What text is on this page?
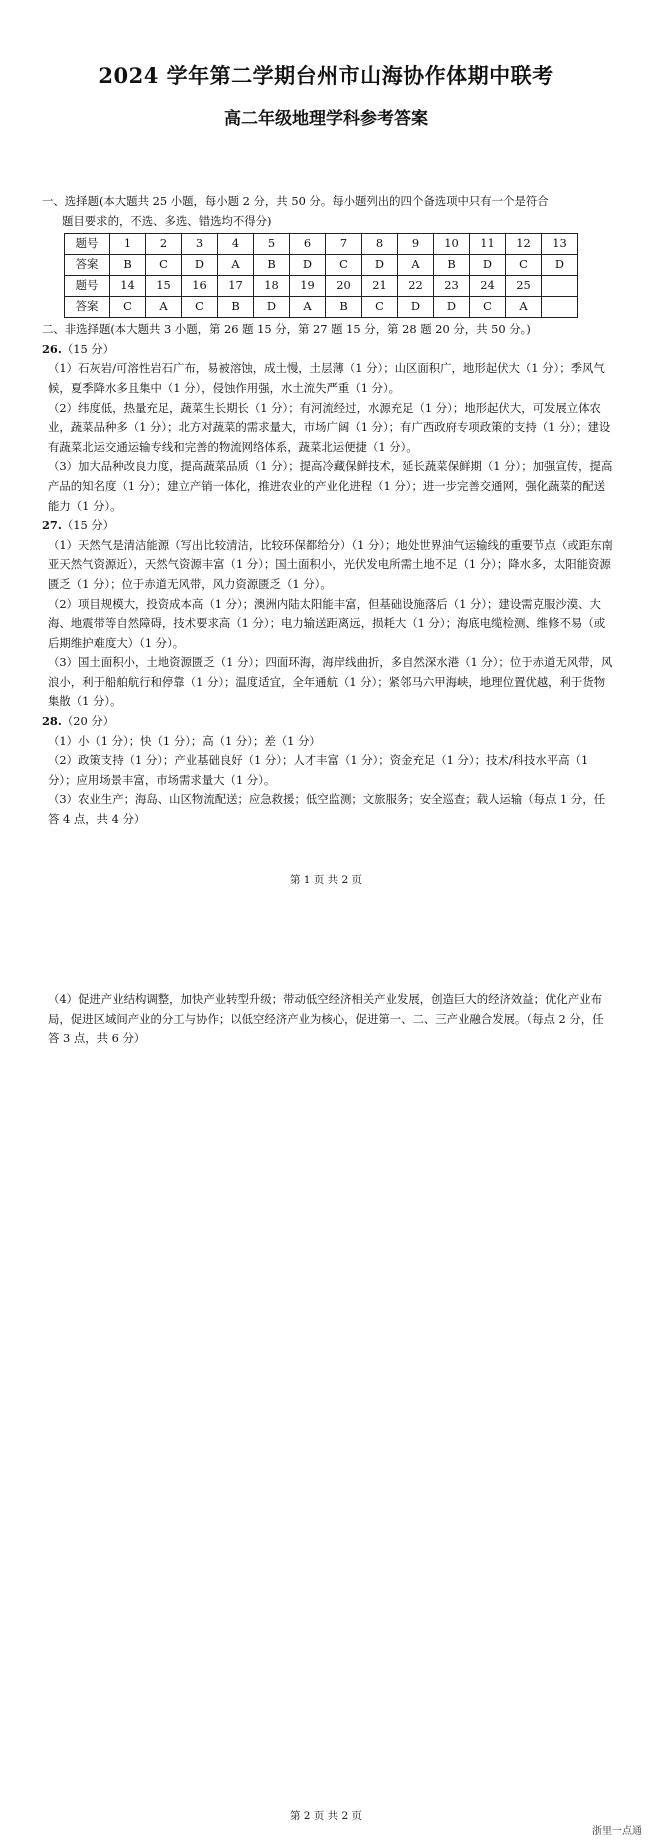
2024 学年第二学期台州市山海协作体期中联考
高二年级地理学科参考答案
一、选择题(本大题共 25 小题，每小题 2 分，共 50 分。每小题列出的四个备选项中只有一个是符合
题目要求的，不选、多选、错选均不得分)
题号	1	2	3	4	5	6	7	8	9	10	11	12	13
答案	B	C	D	A	B	D	C	D	A	B	D	C	D
题号	14	15	16	17	18	19	20	21	22	23	24	25	
答案	C	A	C	B	D	A	B	C	D	D	C	A	
二、非选择题(本大题共 3 小题，第 26 题 15 分，第 27 题 15 分，第 28 题 20 分，共 50 分。)
26.（15 分）
（1）石灰岩/可溶性岩石广布，易被溶蚀，成土慢，土层薄（1 分）；山区面积广，地形起伏大（1 分）；季风气候，夏季降水多且集中（1 分），侵蚀作用强，水土流失严重（1 分）。
（2）纬度低，热量充足，蔬菜生长期长（1 分）；有河流经过，水源充足（1 分）；地形起伏大，可发展立体农业，蔬菜品种多（1 分）；北方对蔬菜的需求量大，市场广阔（1 分）；有广西政府专项政策的支持（1 分）；建设有蔬菜北运交通运输专线和完善的物流网络体系，蔬菜北运便捷（1 分）。
（3）加大品种改良力度，提高蔬菜品质（1 分）；提高冷藏保鲜技术，延长蔬菜保鲜期（1 分）；加强宣传，提高产品的知名度（1 分）；建立产销一体化，推进农业的产业化进程（1 分）；进一步完善交通网，强化蔬菜的配送能力（1 分）。
27.（15 分）
（1）天然气是清洁能源（写出比较清洁，比较环保都给分）（1 分）；地处世界油气运输线的重要节点（或距东南亚天然气资源近），天然气资源丰富（1 分）；国土面积小，光伏发电所需土地不足（1 分）；降水多，太阳能资源匮乏（1 分）；位于赤道无风带，风力资源匮乏（1 分）。
（2）项目规模大，投资成本高（1 分）；澳洲内陆太阳能丰富，但基础设施落后（1 分）；建设需克服沙漠、大海、地震带等自然障碍，技术要求高（1 分）；电力输送距离远，损耗大（1 分）；海底电缆检测、维修不易（或后期维护难度大）（1 分）。
（3）国土面积小，土地资源匮乏（1 分）；四面环海，海岸线曲折，多自然深水港（1 分）；位于赤道无风带，风浪小，利于船舶航行和停靠（1 分）；温度适宜，全年通航（1 分）；紧邻马六甲海峡，地理位置优越，利于货物集散（1 分）。
28.（20 分）
（1）小（1 分）；快（1 分）；高（1 分）；差（1 分）
（2）政策支持（1 分）；产业基础良好（1 分）；人才丰富（1 分）；资金充足（1 分）；技术/科技水平高（1 分）；应用场景丰富，市场需求量大（1 分）。
（3）农业生产；海岛、山区物流配送；应急救援；低空监测；文旅服务；安全巡查；载人运输（每点 1 分，任答 4 点，共 4 分）
第 1 页 共 2 页
（4）促进产业结构调整，加快产业转型升级；带动低空经济相关产业发展，创造巨大的经济效益；优化产业布局，促进区域间产业的分工与协作；以低空经济产业为核心，促进第一、二、三产业融合发展。（每点 2 分，任答 3 点，共 6 分）
第 2 页 共 2 页
浙里一点通
